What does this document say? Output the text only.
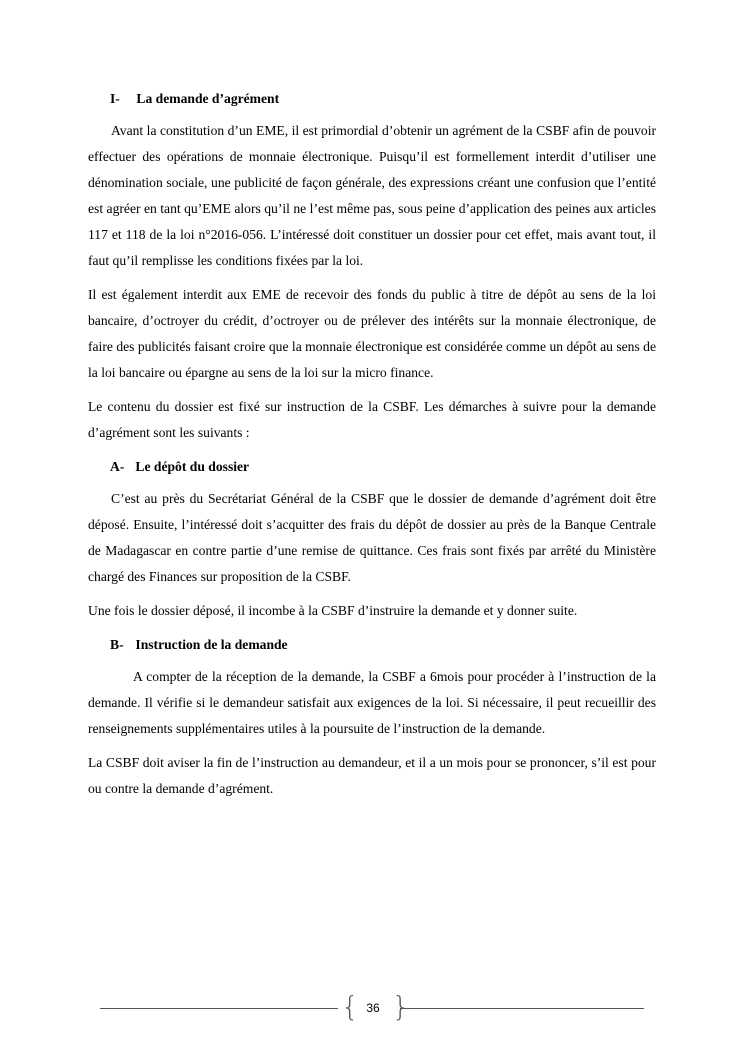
I- La demande d’agrément

Avant la constitution d’un EME, il est primordial d’obtenir un agrément de la CSBF afin de pouvoir effectuer des opérations de monnaie électronique. Puisqu’il est formellement interdit d’utiliser une dénomination sociale, une publicité de façon générale, des expressions créant une confusion que l’entité est agréer en tant qu’EME alors qu’il ne l’est même pas, sous peine d’application des peines aux articles 117 et 118 de la loi n°2016-056. L’intéressé doit constituer un dossier pour cet effet, mais avant tout, il faut qu’il remplisse les conditions fixées par la loi.

Il est également interdit aux EME de recevoir des fonds du public à titre de dépôt au sens de la loi bancaire, d’octroyer du crédit, d’octroyer ou de prélever des intérêts sur la monnaie électronique, de faire des publicités faisant croire que la monnaie électronique est considérée comme un dépôt au sens de la loi bancaire ou épargne au sens de la loi sur la micro finance.

Le contenu du dossier est fixé sur instruction de la CSBF. Les démarches à suivre pour la demande d’agrément sont les suivants :

A- Le dépôt du dossier

C’est au près du Secrétariat Général de la CSBF que le dossier de demande d’agrément doit être déposé. Ensuite, l’intéressé doit s’acquitter des frais du dépôt de dossier au près de la Banque Centrale de Madagascar en contre partie d’une remise de quittance. Ces frais sont fixés par arrêté du Ministère chargé des Finances sur proposition de la CSBF.

Une fois le dossier déposé, il incombe à la CSBF d’instruire la demande et y donner suite.

B- Instruction de la demande

A compter de la réception de la demande, la CSBF a 6mois pour procéder à l’instruction de la demande. Il vérifie si le demandeur satisfait aux exigences de la loi. Si nécessaire, il peut recueillir des renseignements supplémentaires utiles à la poursuite de l’instruction de la demande.

La CSBF doit aviser la fin de l’instruction au demandeur, et il a un mois pour se prononcer, s’il est pour ou contre la demande d’agrément.

{ 36 }
